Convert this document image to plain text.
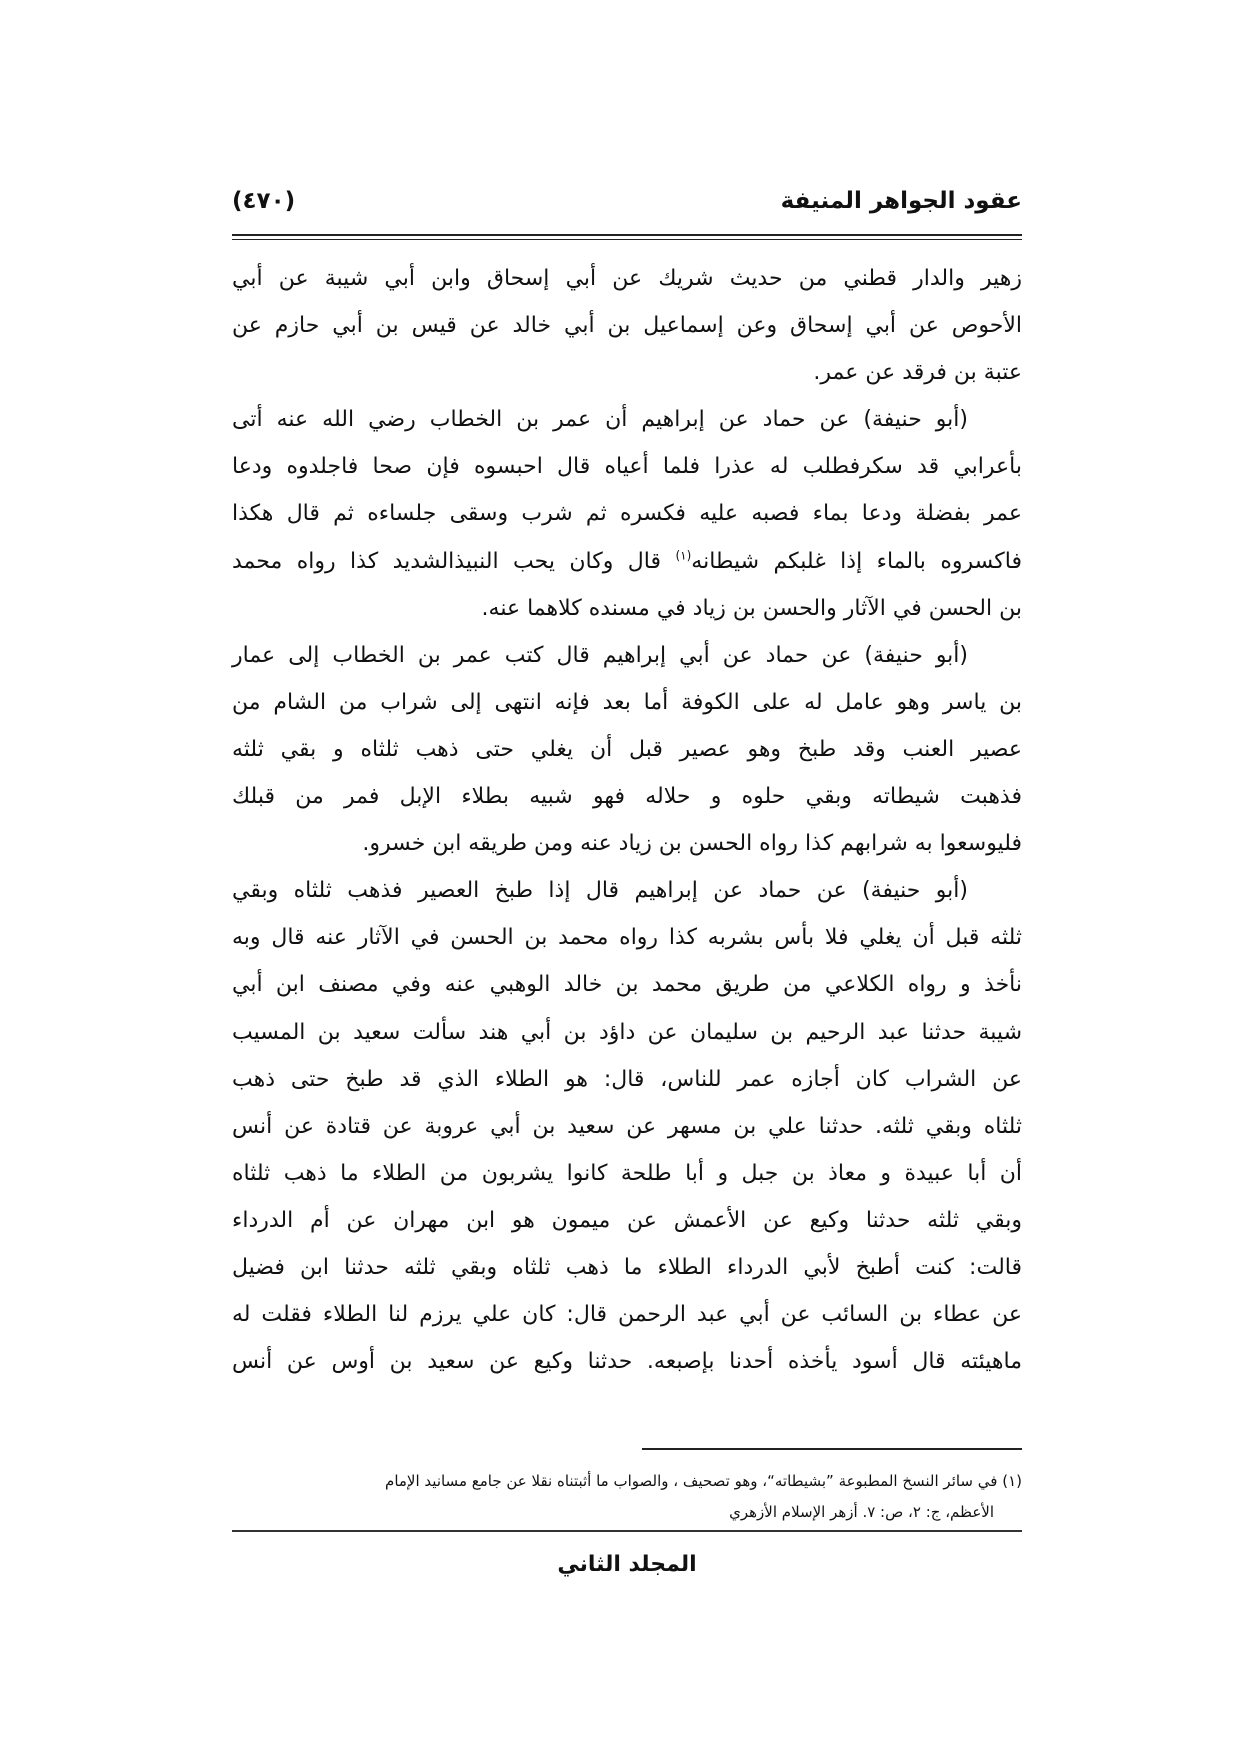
عقود الجواهر المنيفة
(٤٧٠)
زهير والدار قطني من حديث شريك عن أبي إسحاق وابن أبي شيبة عن أبي
الأحوص عن أبي إسحاق وعن إسماعيل بن أبي خالد عن قيس بن أبي حازم عن
عتبة بن فرقد عن عمر.
(أبو حنيفة) عن حماد عن إبراهيم أن عمر بن الخطاب رضي الله عنه أتى
بأعرابي قد سكرفطلب له عذرا فلما أعياه قال احبسوه فإن صحا فاجلدوه ودعا
عمر بفضلة ودعا بماء فصبه عليه فكسره ثم شرب وسقى جلساءه ثم قال هكذا
فاكسروه بالماء إذا غلبكم شيطانه$^{(١)}$ قال وكان يحب النبيذالشديد كذا رواه محمد
بن الحسن في الآثار والحسن بن زياد في مسنده كلاهما عنه.
(أبو حنيفة) عن حماد عن أبي إبراهيم قال كتب عمر بن الخطاب إلى عمار
بن ياسر وهو عامل له على الكوفة أما بعد فإنه انتهى إلى شراب من الشام من
عصير العنب وقد طبخ وهو عصير قبل أن يغلي حتى ذهب ثلثاه و بقي ثلثه
فذهبت شيطاته وبقي حلوه و حلاله فهو شبيه بطلاء الإبل فمر من قبلك
فليوسعوا به شرابهم كذا رواه الحسن بن زياد عنه ومن طريقه ابن خسرو.
(أبو حنيفة) عن حماد عن إبراهيم قال إذا طبخ العصير فذهب ثلثاه وبقي
ثلثه قبل أن يغلي فلا بأس بشربه كذا رواه محمد بن الحسن في الآثار عنه قال وبه
نأخذ و رواه الكلاعي من طريق محمد بن خالد الوهبي عنه وفي مصنف ابن أبي
شيبة حدثنا عبد الرحيم بن سليمان عن داؤد بن أبي هند سألت سعيد بن المسيب
عن الشراب كان أجازه عمر للناس، قال: هو الطلاء الذي قد طبخ حتى ذهب
ثلثاه وبقي ثلثه. حدثنا علي بن مسهر عن سعيد بن أبي عروبة عن قتادة عن أنس
أن أبا عبيدة و معاذ بن جبل و أبا طلحة كانوا يشربون من الطلاء ما ذهب ثلثاه
وبقي ثلثه حدثنا وكيع عن الأعمش عن ميمون هو ابن مهران عن أم الدرداء
قالت: كنت أطبخ لأبي الدرداء الطلاء ما ذهب ثلثاه وبقي ثلثه حدثنا ابن فضيل
عن عطاء بن السائب عن أبي عبد الرحمن قال: كان علي يرزم لنا الطلاء فقلت له
ماهيئته قال أسود يأخذه أحدنا بإصبعه. حدثنا وكيع عن سعيد بن أوس عن أنس
(١) في سائر النسخ المطبوعة ”بشيطاته“، وهو تصحيف ، والصواب ما أثبتناه نقلا عن جامع مسانيد الإمام
الأعظم، ج: ٢، ص: ٧. أزهر الإسلام الأزهري
المجلد الثاني
